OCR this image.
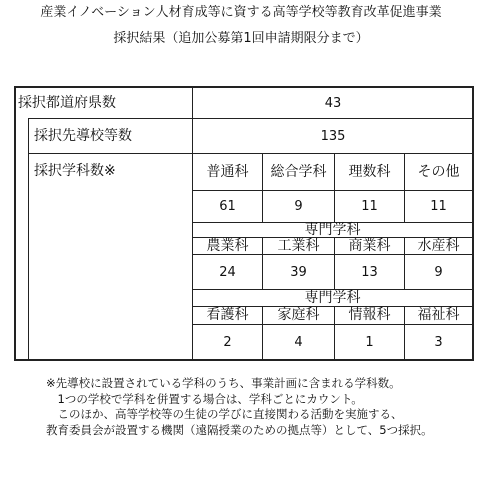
産業イノベーション人材育成等に資する高等学校等教育改革促進事業
採択結果（追加公募第1回申請期限分まで）
採択都道府県数	43
採択先導校等数	135
採択学科数※	普通科	総合学科	理数科	その他
61	9	11	11
専門学科
農業科	工業科	商業科	水産科
24	39	13	9
専門学科
看護科	家庭科	情報科	福祉科
2	4	1	3
※先導校に設置されている学科のうち、事業計画に含まれる学科数。
　1つの学校で学科を併置する場合は、学科ごとにカウント。
　このほか、高等学校等の生徒の学びに直接関わる活動を実施する、
教育委員会が設置する機関（遠隔授業のための拠点等）として、5つ採択。
